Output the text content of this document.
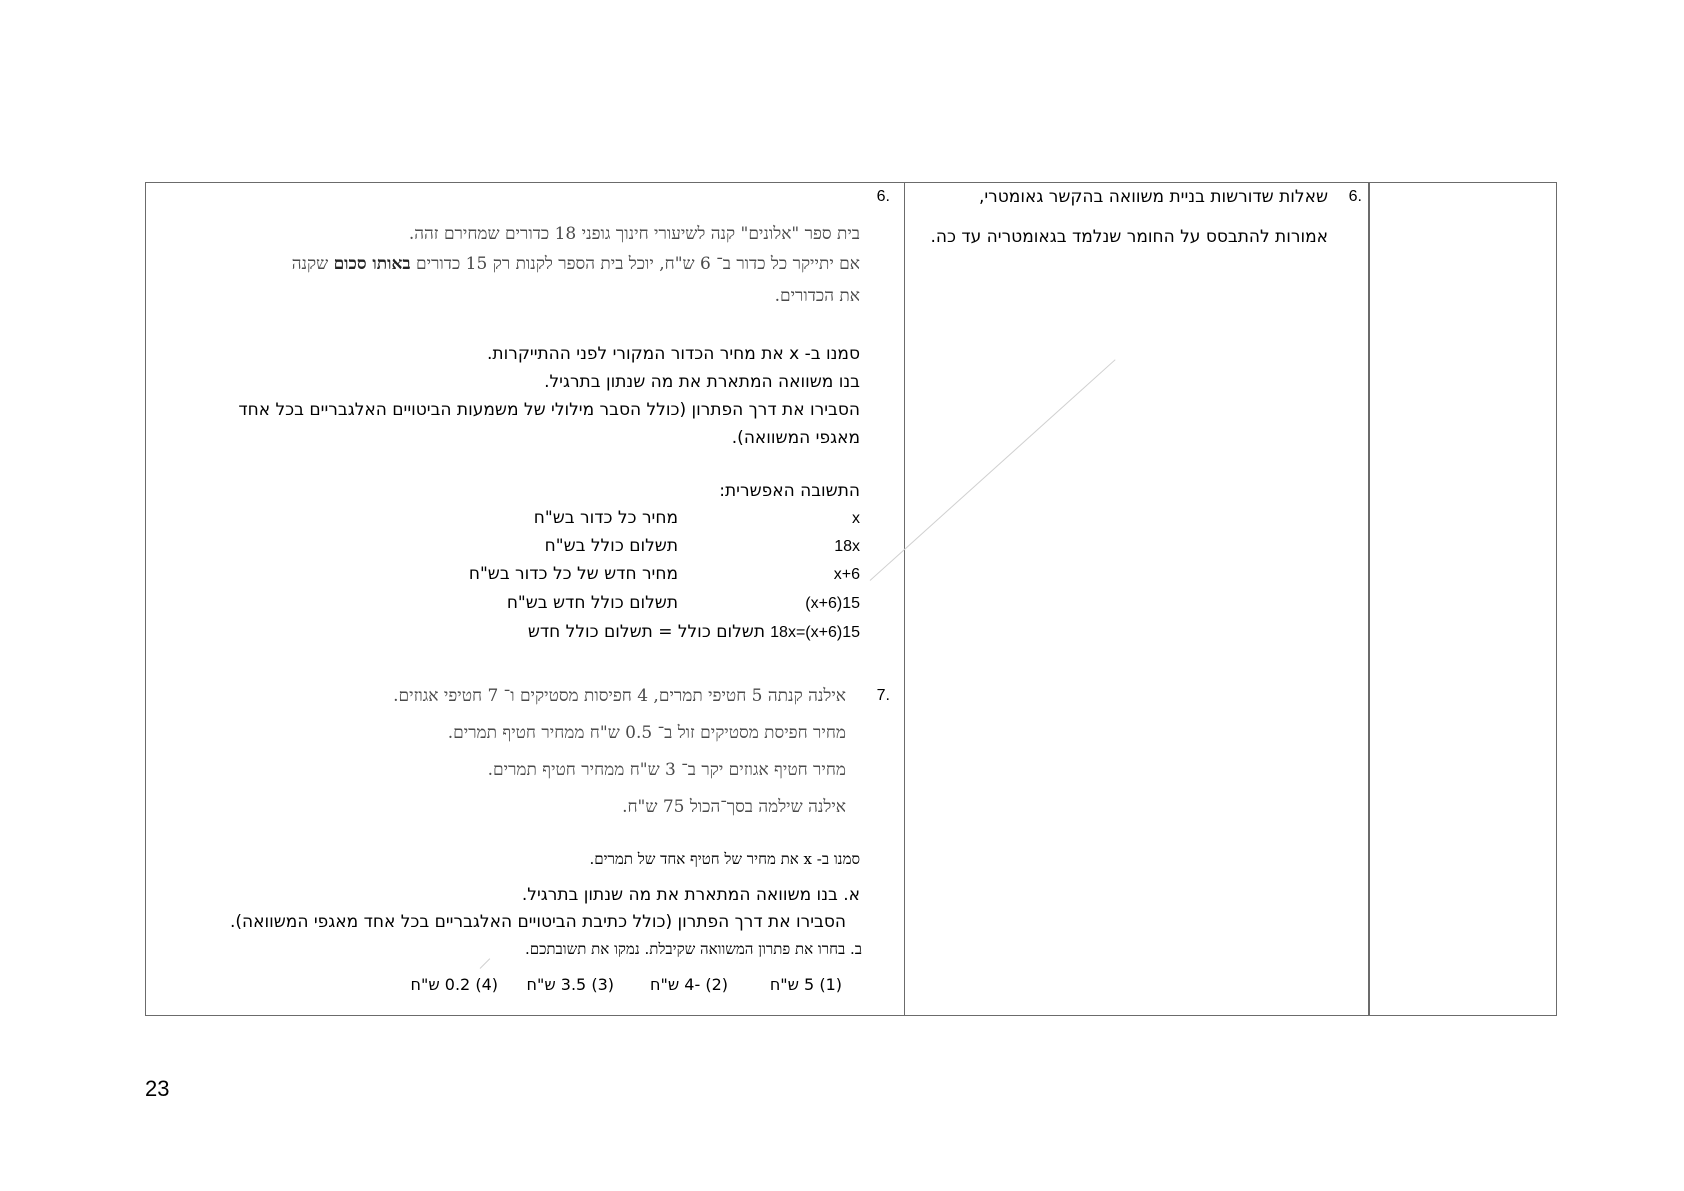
.6
שאלות שדורשות בניית משוואה בהקשר גאומטרי,
אמורות להתבסס על החומר שנלמד בגאומטריה עד כה.
.6
בית ספר "אלונים" קנה לשיעורי חינוך גופני 18 כדורים שמחירם זהה.
אם יתייקר כל כדור ב־ 6 ש"ח, יוכל בית הספר לקנות רק 15 כדורים באותו סכום שקנה
את הכדורים.
סמנו ב- x את מחיר הכדור המקורי לפני ההתייקרות.
בנו משוואה המתארת את מה שנתון בתרגיל.
הסבירו את דרך הפתרון (כולל הסבר מילולי של משמעות הביטויים האלגבריים בכל אחד
מאגפי המשוואה).
התשובה האפשרית:
x
מחיר כל כדור בש"ח
18x
תשלום כולל בש"ח
x+6
מחיר חדש של כל כדור בש"ח
15(x+6)
תשלום כולל חדש בש"ח
15(x+6)=18x
תשלום כולל = תשלום כולל חדש
.7
אילנה קנתה 5 חטיפי תמרים, 4 חפיסות מסטיקים ו־ 7 חטיפי אגוזים.
מחיר חפיסת מסטיקים זול ב־ 0.5 ש"ח ממחיר חטיף תמרים.
מחיר חטיף אגוזים יקר ב־ 3 ש"ח ממחיר חטיף תמרים.
אילנה שילמה בסך־הכול 75 ש"ח.
סמנו ב- x את מחיר של חטיף אחד של תמרים.
א. בנו משוואה המתארת את מה שנתון בתרגיל.
הסבירו את דרך הפתרון (כולל כתיבת הביטויים האלגבריים בכל אחד מאגפי המשוואה).
ב. בחרו את פתרון המשוואה שקיבלת. נמקו את תשובתכם.
(1) 5 ש"ח
(2) -4 ש"ח
(3) 3.5 ש"ח
(4) 0.2 ש"ח
23
